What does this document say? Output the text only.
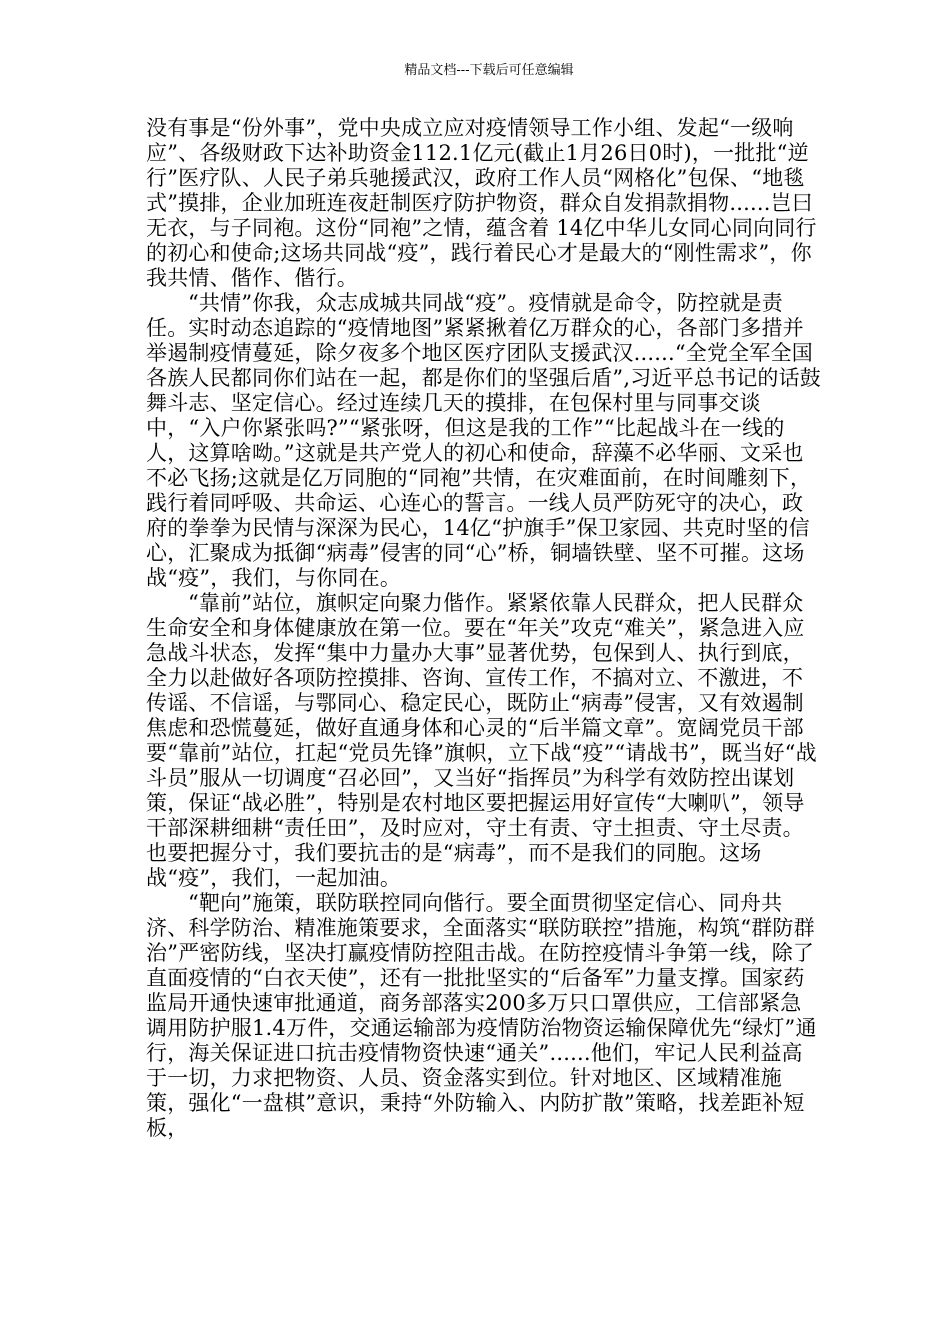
精品文档---下载后可任意编辑

没有事是“份外事”，党中央成立应对疫情领导工作小组、发起“一级响应”、各级财政下达补助资金112.1亿元(截止1月26日0时)，一批批“逆行”医疗队、人民子弟兵驰援武汉，政府工作人员“网格化”包保、“地毯式”摸排，企业加班连夜赶制医疗防护物资，群众自发捐款捐物......岂曰无衣，与子同袍。这份“同袍”之情，蕴含着 14亿中华儿女同心同向同行的初心和使命;这场共同战“疫”，践行着民心才是最大的“刚性需求”，你我共情、偕作、偕行。

“共情”你我，众志成城共同战“疫”。疫情就是命令，防控就是责任。实时动态追踪的“疫情地图”紧紧揪着亿万群众的心，各部门多措并举遏制疫情蔓延，除夕夜多个地区医疗团队支援武汉......“全党全军全国各族人民都同你们站在一起，都是你们的坚强后盾”,习近平总书记的话鼓舞斗志、坚定信心。经过连续几天的摸排，在包保村里与同事交谈中，“入户你紧张吗?”“紧张呀，但这是我的工作”“比起战斗在一线的人，这算啥呦。”这就是共产党人的初心和使命，辞藻不必华丽、文采也不必飞扬;这就是亿万同胞的“同袍”共情，在灾难面前，在时间雕刻下，践行着同呼吸、共命运、心连心的誓言。一线人员严防死守的决心，政府的拳拳为民情与深深为民心，14亿“护旗手”保卫家园、共克时坚的信心，汇聚成为抵御“病毒”侵害的同“心”桥，铜墙铁壁、坚不可摧。这场战“疫”，我们，与你同在。

“靠前”站位，旗帜定向聚力偕作。紧紧依靠人民群众，把人民群众生命安全和身体健康放在第一位。要在“年关”攻克“难关”，紧急进入应急战斗状态，发挥“集中力量办大事”显著优势，包保到人、执行到底，全力以赴做好各项防控摸排、咨询、宣传工作，不搞对立、不激进，不传谣、不信谣，与鄂同心、稳定民心，既防止“病毒”侵害，又有效遏制焦虑和恐慌蔓延，做好直通身体和心灵的“后半篇文章”。宽阔党员干部要“靠前”站位，扛起“党员先锋”旗帜，立下战“疫”“请战书”，既当好“战斗员”服从一切调度“召必回”，又当好“指挥员”为科学有效防控出谋划策，保证“战必胜”，特别是农村地区要把握运用好宣传“大喇叭”，领导干部深耕细耕“责任田”，及时应对，守土有责、守土担责、守土尽责。也要把握分寸，我们要抗击的是“病毒”，而不是我们的同胞。这场战“疫”，我们，一起加油。

“靶向”施策，联防联控同向偕行。要全面贯彻坚定信心、同舟共济、科学防治、精准施策要求，全面落实“联防联控”措施，构筑“群防群治”严密防线，坚决打赢疫情防控阻击战。在防控疫情斗争第一线，除了直面疫情的“白衣天使”，还有一批批坚实的“后备军”力量支撑。国家药监局开通快速审批通道，商务部落实200多万只口罩供应，工信部紧急调用防护服1.4万件，交通运输部为疫情防治物资运输保障优先“绿灯”通行，海关保证进口抗击疫情物资快速“通关”......他们，牢记人民利益高于一切，力求把物资、人员、资金落实到位。针对地区、区域精准施策，强化“一盘棋”意识，秉持“外防输入、内防扩散”策略，找差距补短板，
